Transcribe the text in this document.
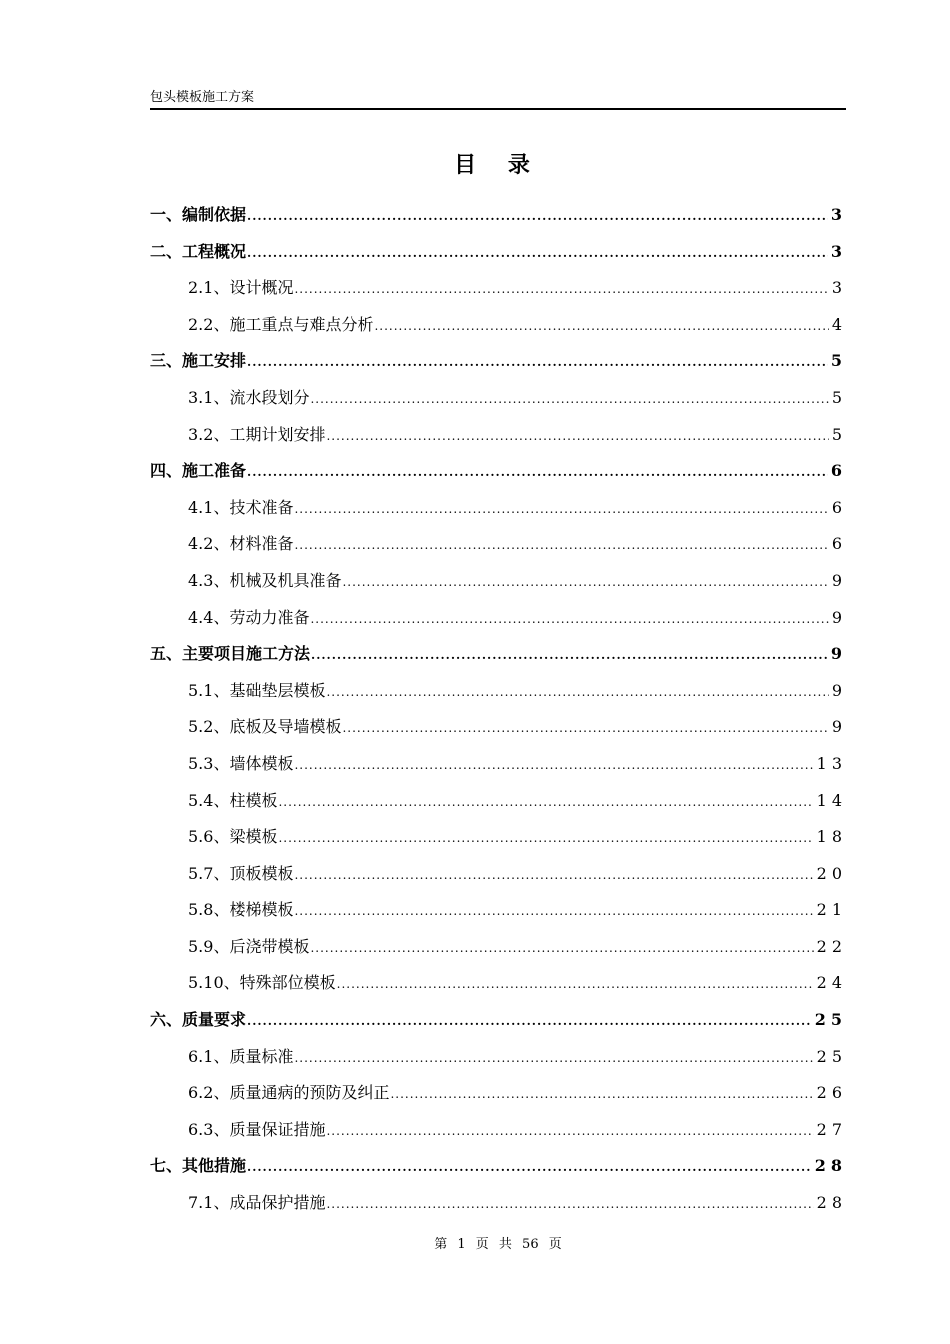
包头模板施工方案
目 录
一、编制依据 .....	3
二、工程概况 .....	3
2.1、设计概况 .....	3
2.2、施工重点与难点分析 .....	4
三、施工安排 .....	5
3.1、流水段划分 .....	5
3.2、工期计划安排 .....	5
四、施工准备 .....	6
4.1、技术准备 .....	6
4.2、材料准备 .....	6
4.3、机械及机具准备 .....	9
4.4、劳动力准备 .....	9
五、主要项目施工方法 .....	9
5.1、基础垫层模板 .....	9
5.2、底板及导墙模板 .....	9
5.3、墙体模板 .....	13
5.4、柱模板 .....	14
5.6、梁模板 .....	18
5.7、顶板模板 .....	20
5.8、楼梯模板 .....	21
5.9、后浇带模板 .....	22
5.10、特殊部位模板 .....	24
六、质量要求 .....	25
6.1、质量标准 .....	25
6.2、质量通病的预防及纠正 .....	26
6.3、质量保证措施 .....	27
七、其他措施 .....	28
7.1、成品保护措施 .....	28
第 1 页 共 56 页
